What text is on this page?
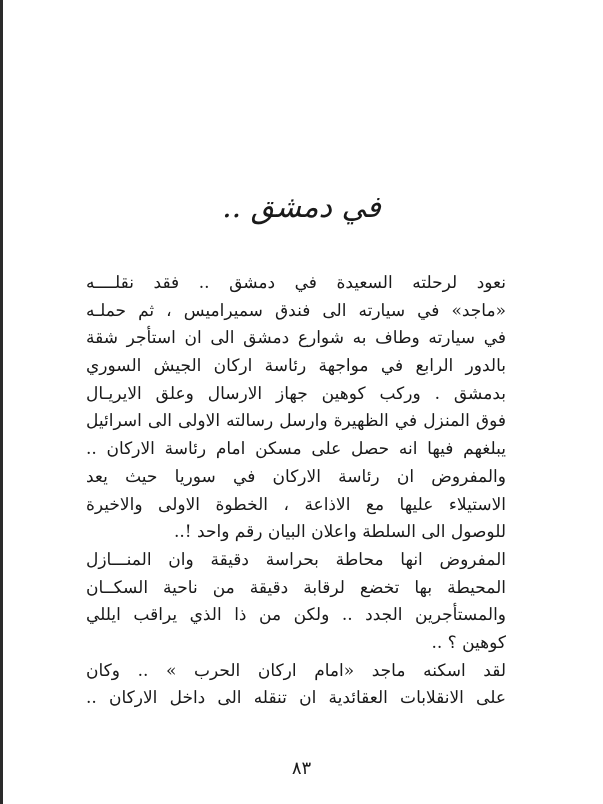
في دمشق ..
نعود لرحلته السعيدة في دمشق .. فقد نقلــــه
«ماجد» في سيارته الى فندق سميراميس ، ثم حملـه
في سيارته وطاف به شوارع دمشق الى ان استأجر شقة
بالدور الرابع في مواجهة رئاسة اركان الجيش السوري
بدمشق . وركب كوهين جهاز الارسال وعلق الايريـال
فوق المنزل في الظهيرة وارسل رسالته الاولى الى اسرائيل
يبلغهم فيها انه حصل على مسكن امام رئاسة الاركان ..
والمفروض ان رئاسة الاركان في سوريا حيث يعد
الاستيلاء عليها مع الاذاعة ، الخطوة الاولى والاخيرة
للوصول الى السلطة واعلان البيان رقم واحد !..
المفروض انها محاطة بحراسة دقيقة وان المنـــازل
المحيطة بها تخضع لرقابة دقيقة من ناحية السكــان
والمستأجرين الجدد .. ولكن من ذا الذي يراقب ايللي
كوهين ؟ ..
لقد اسكنه ماجد «امام اركان الحرب » .. وكان
على الانقلابات العقائدية ان تنقله الى داخل الاركان ..
٨٣
